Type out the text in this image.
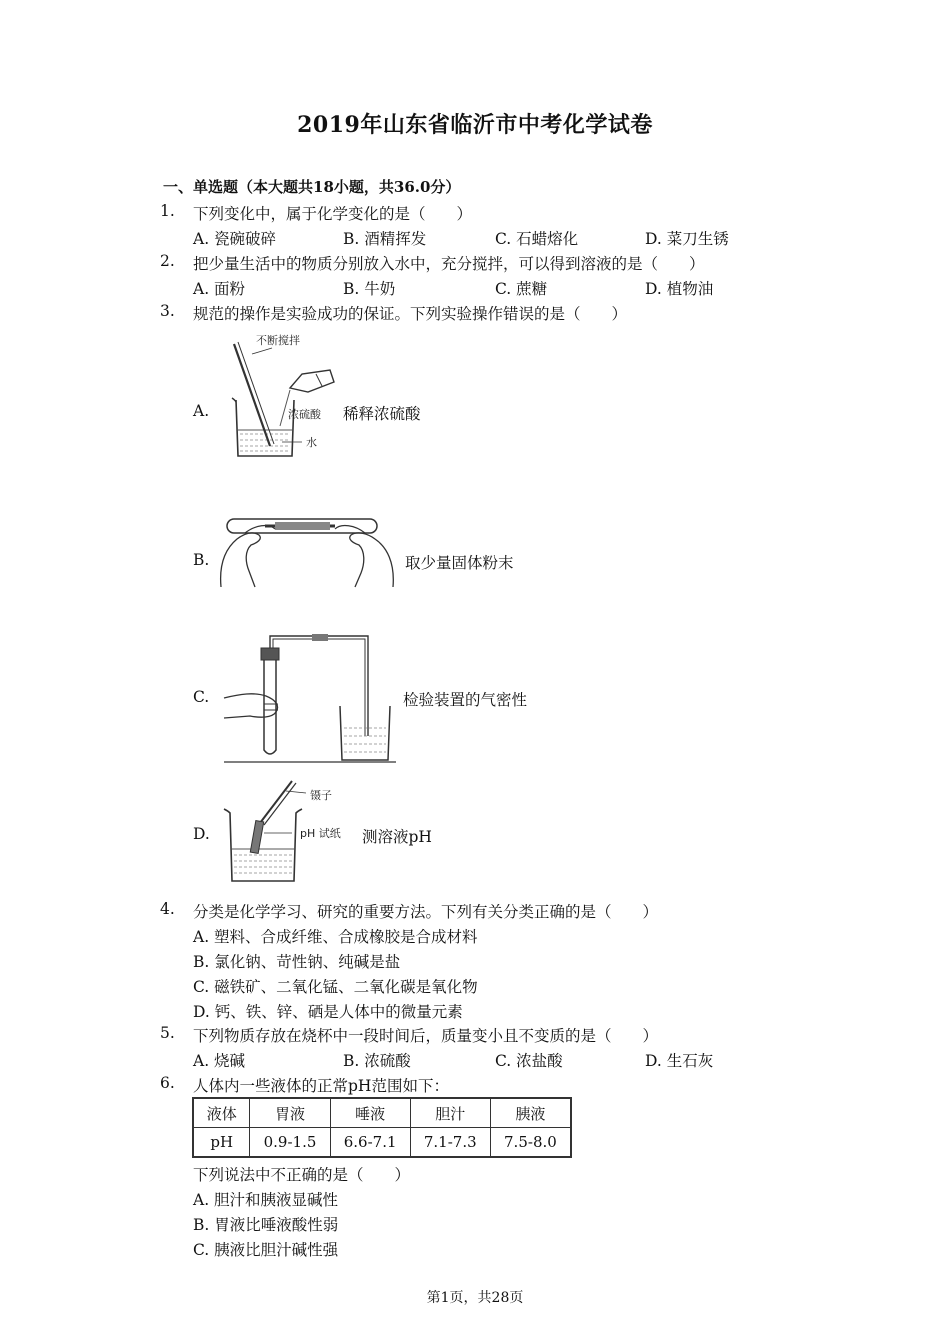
2019年山东省临沂市中考化学试卷
一、单选题（本大题共18小题，共36.0分）
1. 下列变化中，属于化学变化的是（　　）
A. 瓷碗破碎	B. 酒精挥发	C. 石蜡熔化	D. 菜刀生锈
2. 把少量生活中的物质分别放入水中，充分搅拌，可以得到溶液的是（　　）
A. 面粉	B. 牛奶	C. 蔗糖	D. 植物油
3. 规范的操作是实验成功的保证。下列实验操作错误的是（　　）
A.
不断搅拌
浓硫酸
水
稀释浓硫酸
B.	取少量固体粉末
C.	检验装置的气密性
D.
镊子
pH 试纸 测溶液pH
4. 分类是化学学习、研究的重要方法。下列有关分类正确的是（　　）
A. 塑料、合成纤维、合成橡胶是合成材料
B. 氯化钠、苛性钠、纯碱是盐
C. 磁铁矿、二氧化锰、二氧化碳是氧化物
D. 钙、铁、锌、硒是人体中的微量元素
5. 下列物质存放在烧杯中一段时间后，质量变小且不变质的是（　　）
A. 烧碱	B. 浓硫酸	C. 浓盐酸	D. 生石灰
6. 人体内一些液体的正常pH范围如下：
液体	胃液	唾液	胆汁	胰液
pH	0.9-1.5	6.6-7.1	7.1-7.3	7.5-8.0
下列说法中不正确的是（　　）
A. 胆汁和胰液显碱性
B. 胃液比唾液酸性弱
C. 胰液比胆汁碱性强
第1页，共28页
